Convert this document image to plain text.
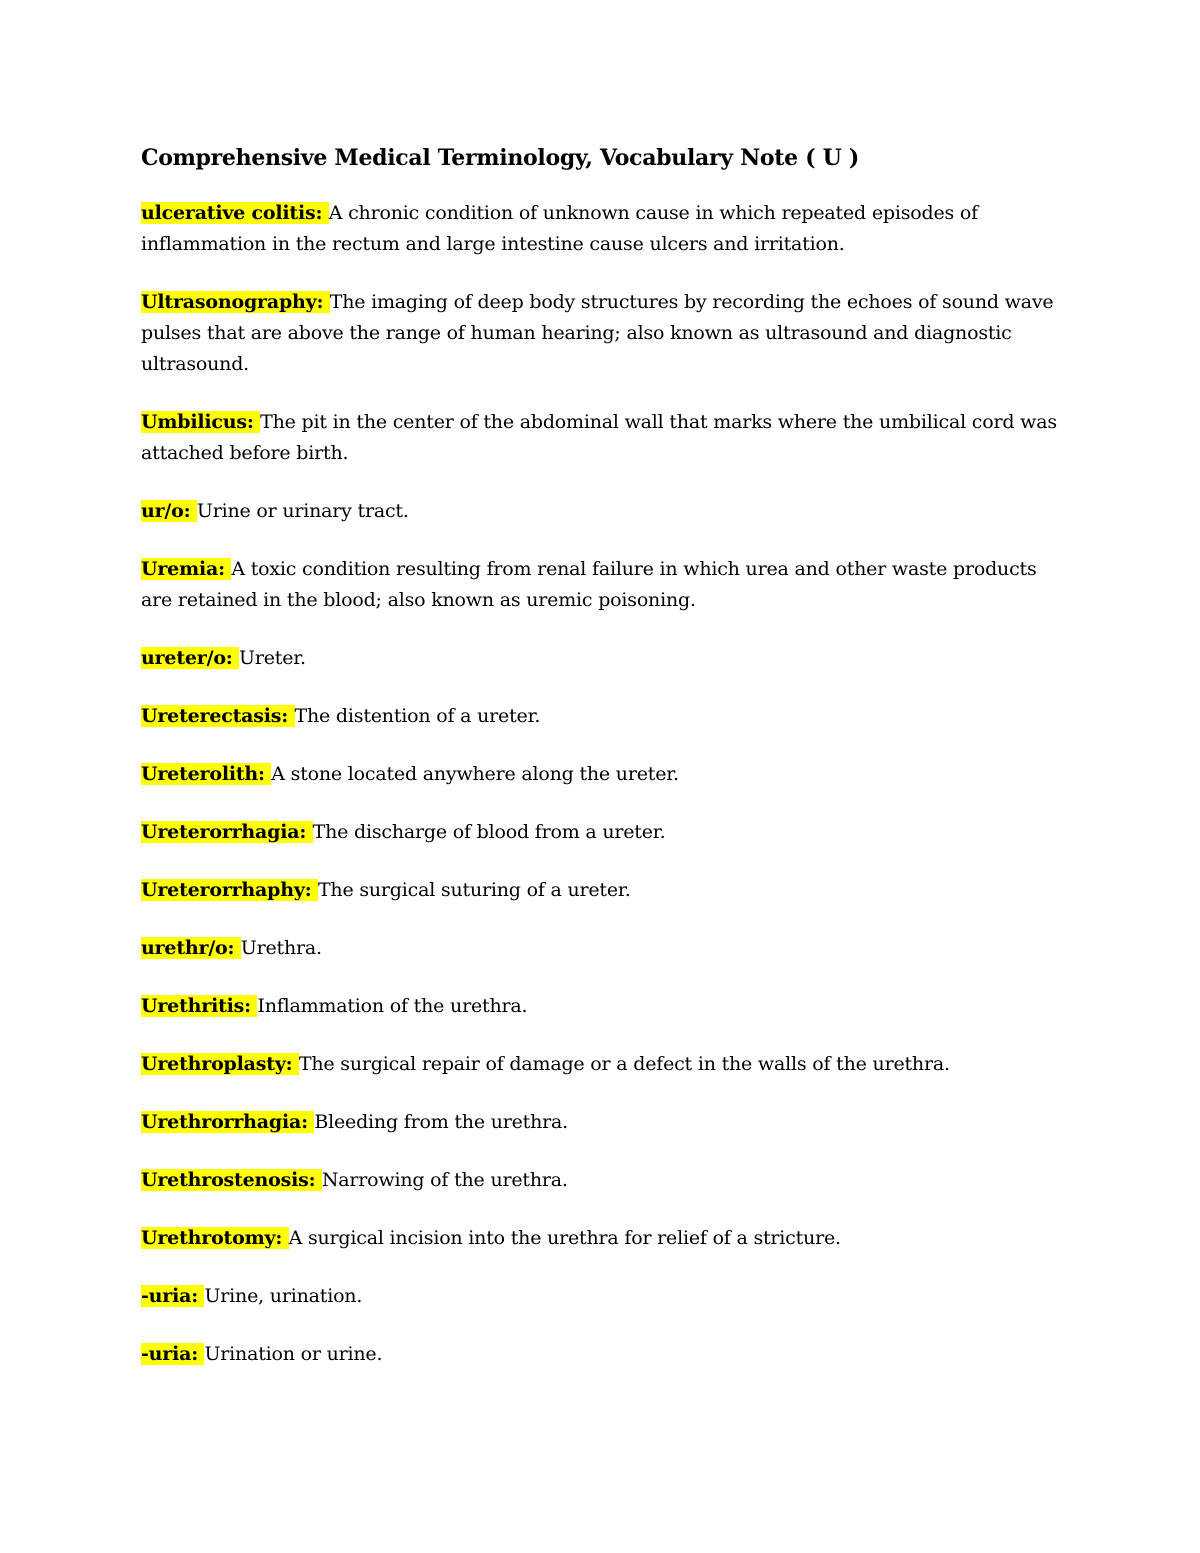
Comprehensive Medical Terminology, Vocabulary Note ( U )

ulcerative colitis: A chronic condition of unknown cause in which repeated episodes of inflammation in the rectum and large intestine cause ulcers and irritation.

Ultrasonography: The imaging of deep body structures by recording the echoes of sound wave pulses that are above the range of human hearing; also known as ultrasound and diagnostic ultrasound.

Umbilicus: The pit in the center of the abdominal wall that marks where the umbilical cord was attached before birth.

ur/o: Urine or urinary tract.

Uremia: A toxic condition resulting from renal failure in which urea and other waste products are retained in the blood; also known as uremic poisoning.

ureter/o: Ureter.

Ureterectasis: The distention of a ureter.

Ureterolith: A stone located anywhere along the ureter.

Ureterorrhagia: The discharge of blood from a ureter.

Ureterorrhaphy: The surgical suturing of a ureter.

urethr/o: Urethra.

Urethritis: Inflammation of the urethra.

Urethroplasty: The surgical repair of damage or a defect in the walls of the urethra.

Urethrorrhagia: Bleeding from the urethra.

Urethrostenosis: Narrowing of the urethra.

Urethrotomy: A surgical incision into the urethra for relief of a stricture.

-uria: Urine, urination.

-uria: Urination or urine.
